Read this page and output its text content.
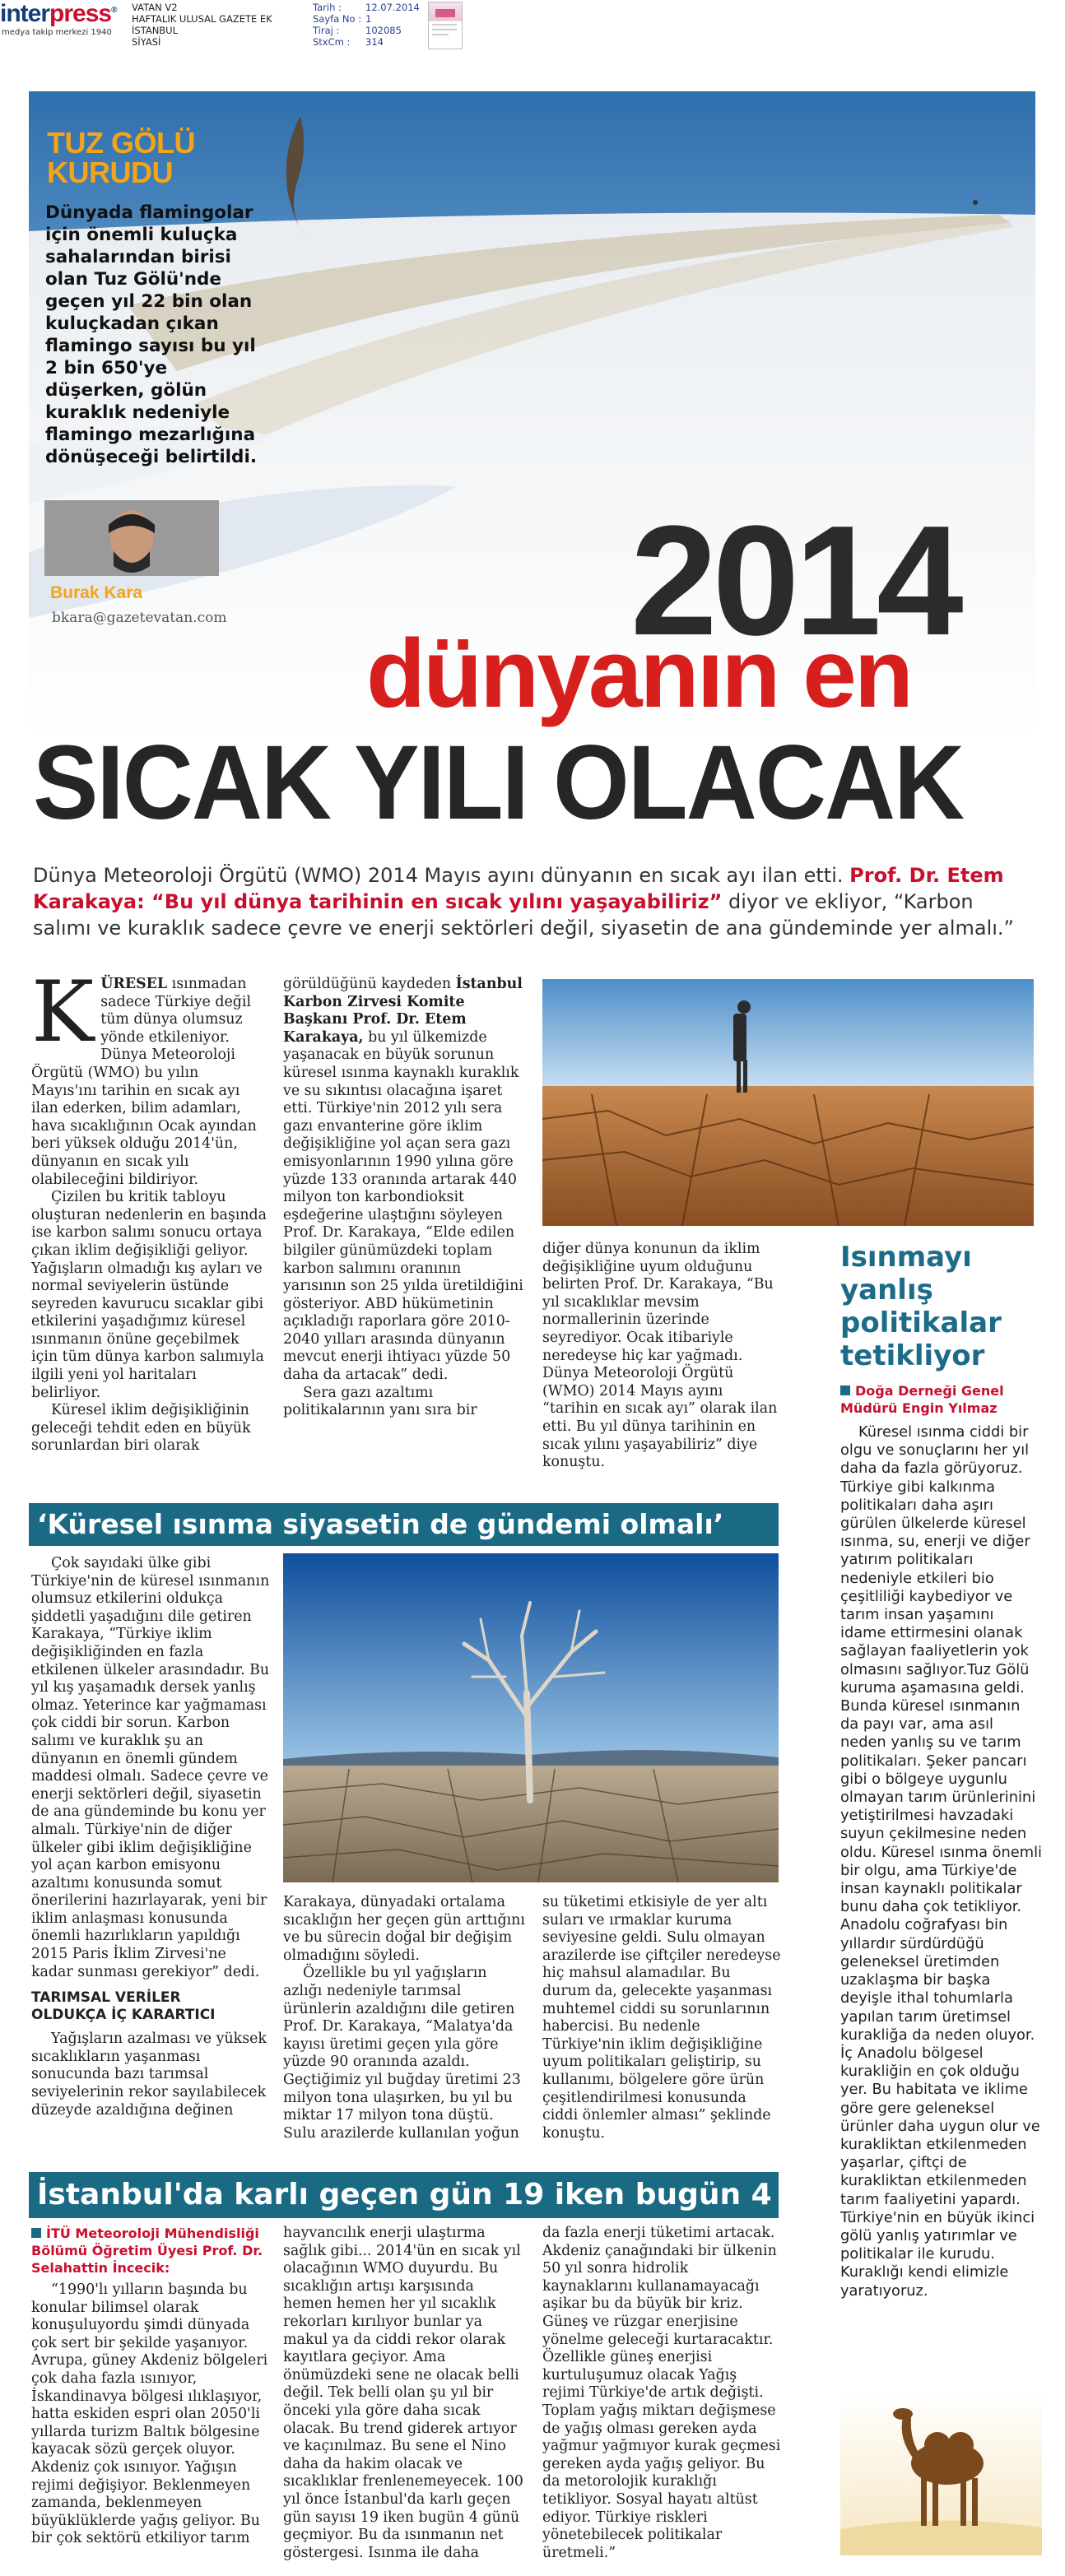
interpress®
medya takip merkezi 1940
VATAN V2
HAFTALIK ULUSAL GAZETE EK
İSTANBUL
SİYASİ
Tarih :
Sayfa No :
Tiraj :
StxCm :
12.07.2014
1
102085
314
TUZ GÖLÜ
KURUDU
Dünyada flamingolar için önemli kuluçka sahalarından birisi olan Tuz Gölü'nde geçen yıl 22 bin olan kuluçkadan çıkan flamingo sayısı bu yıl 2 bin 650'ye düşerken, gölün kuraklık nedeniyle flamingo mezarlığına dönüşeceği belirtildi.
Burak Kara
bkara@gazetevatan.com	2014
dünyanın en
SICAK YILI OLACAK
Dünya Meteoroloji Örgütü (WMO) 2014 Mayıs ayını dünyanın en sıcak ayı ilan etti. Prof. Dr. Etem Karakaya: “Bu yıl dünya tarihinin en sıcak yılını yaşayabiliriz” diyor ve ekliyor, “Karbon salımı ve kuraklık sadece çevre ve enerji sektörleri değil, siyasetin de ana gündeminde yer almalı.”
K ÜRESEL ısınmadan sadece Türkiye değil tüm dünya olumsuz yönde etkileniyor. Dünya Meteoroloji Örgütü (WMO) bu yılın Mayıs'ını tarihin en sıcak ayı ilan ederken, bilim adamları, hava sıcaklığının Ocak ayından beri yüksek olduğu 2014'ün, dünyanın en sıcak yılı olabileceğini bildiriyor.

Çizilen bu kritik tabloyu oluşturan nedenlerin en başında ise karbon salımı sonucu ortaya çıkan iklim değişikliği geliyor. Yağışların olmadığı kış ayları ve normal seviyelerin üstünde seyreden kavurucu sıcaklar gibi etkilerini yaşadığımız küresel ısınmanın önüne geçebilmek için tüm dünya karbon salımıyla ilgili yeni yol haritaları belirliyor.

Küresel iklim değişikliğinin geleceği tehdit eden en büyük sorunlardan biri olarak

görüldüğünü kaydeden İstanbul Karbon Zirvesi Komite Başkanı Prof. Dr. Etem Karakaya, bu yıl ülkemizde yaşanacak en büyük sorunun küresel ısınma kaynaklı kuraklık ve su sıkıntısı olacağına işaret etti. Türkiye'nin 2012 yılı sera gazı envanterine göre iklim değişikliğine yol açan sera gazı emisyonlarının 1990 yılına göre yüzde 133 oranında artarak 440 milyon ton karbondioksit eşdeğerine ulaştığını söyleyen Prof. Dr. Karakaya, “Elde edilen bilgiler günümüzdeki toplam karbon salımını oranının yarısının son 25 yılda üretildiğini gösteriyor. ABD hükümetinin açıkladığı raporlara göre 2010-2040 yılları arasında dünyanın mevcut enerji ihtiyacı yüzde 50 daha da artacak” dedi.

Sera gazı azaltımı politikalarının yanı sıra bir

diğer dünya konunun da iklim değişikliğine uyum olduğunu belirten Prof. Dr. Karakaya, “Bu yıl sıcaklıklar mevsim normallerinin üzerinde seyrediyor. Ocak itibariyle neredeyse hiç kar yağmadı. Dünya Meteoroloji Örgütü (WMO) 2014 Mayıs ayını “tarihin en sıcak ayı” olarak ilan etti. Bu yıl dünya tarihinin en sıcak yılını yaşayabiliriz” diye konuştu.

Isınmayı yanlış politikalar tetikliyor
Doğa Derneği Genel Müdürü Engin Yılmaz

Küresel ısınma ciddi bir olgu ve sonuçlarını her yıl daha da fazla görüyoruz. Türkiye gibi kalkınma politikaları daha aşırı gürülen ülkelerde küresel ısınma, su, enerji ve diğer yatırım politikaları nedeniyle etkileri bio çeşitliliği kaybediyor ve tarım insan yaşamını idame ettirmesini olanak sağlayan faaliyetlerin yok olmasını sağlıyor.Tuz Gölü kuruma aşamasına geldi. Bunda küresel ısınmanın da payı var, ama asıl neden yanlış su ve tarım politikaları. Şeker pancarı gibi o bölgeye uygunlu olmayan tarım ürünlerinini yetiştirilmesi havzadaki suyun çekilmesine neden oldu. Küresel ısınma önemli bir olgu, ama Türkiye'de insan kaynaklı politikalar bunu daha çok tetikliyor. Anadolu coğrafyası bin yıllardır sürdürdüğü geleneksel üretimden uzaklaşma bir başka deyişle ithal tohumlarla yapılan tarım üretimsel kurakliğa da neden oluyor. İç Anadolu bölgesel kurakliğin en çok olduğu yer. Bu habitata ve iklime göre gere geleneksel ürünler daha uygun olur ve kurakliktan etkilenmeden yaşarlar, çiftçi de kurakliktan etkilenmeden tarım faaliyetini yapardı. Türkiye'nin en büyük ikinci gölü yanlış yatırımlar ve politikalar ile kurudu. Kuraklığı kendi elimizle yaratıyoruz.

‘Küresel ısınma siyasetin de gündemi olmalı’

Çok sayıdaki ülke gibi Türkiye'nin de küresel ısınmanın olumsuz etkilerini oldukça şiddetli yaşadığını dile getiren Karakaya, “Türkiye iklim değişikliğinden en fazla etkilenen ülkeler arasındadır. Bu yıl kış yaşamadık dersek yanlış olmaz. Yeterince kar yağmaması çok ciddi bir sorun. Karbon salımı ve kuraklık şu an dünyanın en önemli gündem maddesi olmalı. Sadece çevre ve enerji sektörleri değil, siyasetin de ana gündeminde bu konu yer almalı. Türkiye'nin de diğer ülkeler gibi iklim değişikliğine yol açan karbon emisyonu azaltımı konusunda somut önerilerini hazırlayarak, yeni bir iklim anlaşması konusunda önemli hazırlıkların yapıldığı 2015 Paris İklim Zirvesi'ne kadar sunması gerekiyor” dedi.

TARIMSAL VERİLER
OLDUKÇA İÇ KARARTICI

Yağışların azalması ve yüksek sıcaklıkların yaşanması sonucunda bazı tarımsal seviyelerinin rekor sayılabilecek düzeyde azaldığına değinen

Karakaya, dünyadaki ortalama sıcaklığın her geçen gün arttığını ve bu sürecin doğal bir değişim olmadığını söyledi.

Özellikle bu yıl yağışların azlığı nedeniyle tarımsal ürünlerin azaldığını dile getiren Prof. Dr. Karakaya, “Malatya'da kayısı üretimi geçen yıla göre yüzde 90 oranında azaldı. Geçtiğimiz yıl buğday üretimi 23 milyon tona ulaşırken, bu yıl bu miktar 17 milyon tona düştü. Sulu arazilerde kullanılan yoğun

su tüketimi etkisiyle de yer altı suları ve ırmaklar kuruma seviyesine geldi. Sulu olmayan arazilerde ise çiftçiler neredeyse hiç mahsul alamadılar. Bu durum da, gelecekte yaşanması muhtemel ciddi su sorunlarının habercisi. Bu nedenle Türkiye'nin iklim değişikliğine uyum politikaları geliştirip, su kullanımı, bölgelere göre ürün çeşitlendirilmesi konusunda ciddi önlemler alması” şeklinde konuştu.

İstanbul'da karlı geçen gün 19 iken bugün 4
İTÜ Meteoroloji Mühendisliği Bölümü Öğretim Üyesi Prof. Dr. Selahattin İncecik:

“1990'lı yılların başında bu konular bilimsel olarak konuşuluyordu şimdi dünyada çok sert bir şekilde yaşanıyor. Avrupa, güney Akdeniz bölgeleri çok daha fazla ısınıyor, İskandinavya bölgesi ılıklaşıyor, hatta eskiden espri olan 2050'li yıllarda turizm Baltık bölgesine kayacak sözü gerçek oluyor. Akdeniz çok ısınıyor. Yağışın rejimi değişiyor. Beklenmeyen zamanda, beklenmeyen büyüklüklerde yağış geliyor. Bu bir çok sektörü etkiliyor tarım

hayvancılık enerji ulaştırma sağlık gibi... 2014'ün en sıcak yıl olacağının WMO duyurdu. Bu sıcaklığın artışı karşısında hemen hemen her yıl sıcaklık rekorları kırılıyor bunlar ya makul ya da ciddi rekor olarak kayıtlara geçiyor. Ama önümüzdeki sene ne olacak belli değil. Tek belli olan şu yıl bir önceki yıla göre daha sıcak olacak. Bu trend giderek artıyor ve kaçınılmaz. Bu sene el Nino daha da hakim olacak ve sıcaklıklar frenlenemeyecek. 100 yıl önce İstanbul'da karlı geçen gün sayısı 19 iken bugün 4 günü geçmiyor. Bu da ısınmanın net göstergesi. Isınma ile daha

da fazla enerji tüketimi artacak. Akdeniz çanağındaki bir ülkenin 50 yıl sonra hidrolik kaynaklarını kullanamayacağı aşikar bu da büyük bir kriz. Güneş ve rüzgar enerjisine yönelme geleceği kurtaracaktır. Özellikle güneş enerjisi kurtuluşumuz olacak Yağış rejimi Türkiye'de artık değişti. Toplam yağış miktarı değişmese de yağış olması gereken ayda yağmur yağmıyor kurak geçmesi gereken ayda yağış geliyor. Bu da metorolojik kuraklığı tetikliyor. Sosyal hayatı altüst ediyor. Türkiye riskleri yönetebilecek politikalar üretmeli.”
